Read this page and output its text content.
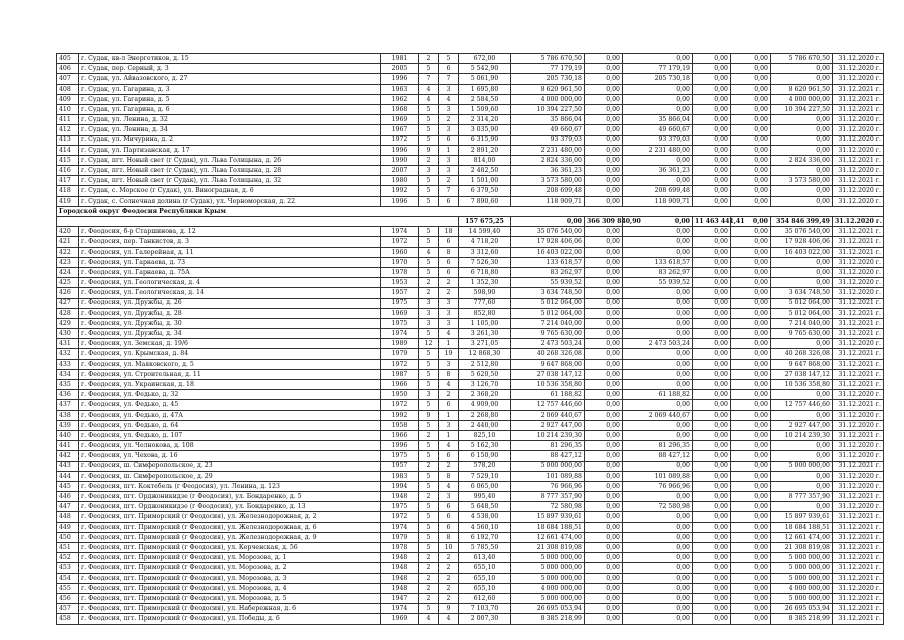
405	г. Судак, кв-л Энергетиков, д. 15	1981	2	5	672,00	5 786 670,50	0,00	0,00	0,00	0,00	5 786 670,50	31.12.2020 г.
406	г. Судак, пер. Серный, д. 3	2005	5	6	5 542,90	77 179,19	0,00	77 179,19	0,00	0,00	0,00	31.12.2020 г.
407	г. Судак, ул. Айвазовского, д. 27	1996	7	7	5 061,90	205 730,18	0,00	205 730,18	0,00	0,00	0,00	31.12.2020 г.
408	г. Судак, ул. Гагарина, д. 3	1963	4	3	1 695,80	8 620 961,50	0,00	0,00	0,00	0,00	8 620 961,50	31.12.2021 г.
409	г. Судак, ул. Гагарина, д. 5	1962	4	4	2 584,50	4 000 000,00	0,00	0,00	0,00	0,00	4 000 000,00	31.12.2021 г.
410	г. Судак, ул. Гагарина, д. 6	1968	5	3	1 509,60	10 394 227,50	0,00	0,00	0,00	0,00	10 394 227,50	31.12.2021 г.
411	г. Судак, ул. Ленина, д. 32	1969	5	2	2 314,20	35 866,04	0,00	35 866,04	0,00	0,00	0,00	31.12.2020 г.
412	г. Судак, ул. Ленина, д. 34	1967	5	3	3 035,90	49 660,67	0,00	49 660,67	0,00	0,00	0,00	31.12.2020 г.
413	г. Судак, ул. Мичурина, д. 2	1972	5	6	6 315,90	93 379,03	0,00	93 379,03	0,00	0,00	0,00	31.12.2020 г.
414	г. Судак, ул. Партизанская, д. 17	1996	9	1	2 891,20	2 231 480,00	0,00	2 231 480,00	0,00	0,00	0,00	31.12.2020 г.
415	г. Судак, пгт. Новый свет (г Судак), ул. Льва Голицына, д. 26	1990	2	3	814,00	2 824 336,00	0,00	0,00	0,00	0,00	2 824 336,00	31.12.2021 г.
416	г. Судак, пгт. Новый свет (г Судак), ул. Льва Голицына, д. 28	2007	3	3	2 482,50	36 361,23	0,00	36 361,23	0,00	0,00	0,00	31.12.2020 г.
417	г. Судак, пгт. Новый свет (г Судак), ул. Льва Голицына, д. 32	1980	5	2	1 501,00	3 573 580,00	0,00	0,00	0,00	0,00	3 573 580,00	31.12.2021 г.
418	г. Судак, с. Морское (г Судак), ул. Виноградная, д. 6	1992	5	7	6 379,50	208 699,48	0,00	208 699,48	0,00	0,00	0,00	31.12.2020 г.
419	г. Судак, с. Солнечная долина (г Судак), ул. Черноморская, д. 22	1996	5	6	7 890,60	118 909,71	0,00	118 909,71	0,00	0,00	0,00	31.12.2020 г.
Городской округ Феодосия Республики Крым												
					157 675,25	0,00	366 309 840,90	0,00	11 463 441,41	0,00	354 846 399,49	31.12.2020 г.
420	г. Феодосия, б-р Старшинова, д. 12	1974	5	18	14 599,40	35 076 540,00	0,00	0,00	0,00	0,00	35 076 540,00	31.12.2021 г.
421	г. Феодосия, пер. Танкистов, д. 3	1972	5	6	4 718,20	17 928 406,06	0,00	0,00	0,00	0,00	17 928 406,06	31.12.2021 г.
422	г. Феодосия, ул. Галерейная, д. 11	1960	4	8	3 312,60	16 403 022,00	0,00	0,00	0,00	0,00	16 403 022,00	31.12.2021 г.
423	г. Феодосия, ул. Гарнаева, д. 73	1970	5	6	7 526,30	133 618,57	0,00	133 618,57	0,00	0,00	0,00	31.12.2020 г.
424	г. Феодосия, ул. Гарнаева, д. 75А	1978	5	6	6 718,80	83 262,97	0,00	83 262,97	0,00	0,00	0,00	31.12.2020 г.
425	г. Феодосия, ул. Геологическая, д. 4	1953	2	2	1 352,30	55 939,52	0,00	55 939,52	0,00	0,00	0,00	31.12.2020 г.
426	г. Феодосия, ул. Геологическая, д. 14	1957	2	2	598,90	3 634 748,50	0,00	0,00	0,00	0,00	3 634 748,50	31.12.2020 г.
427	г. Феодосия, ул. Дружбы, д. 26	1975	3	3	777,60	5 012 064,00	0,00	0,00	0,00	0,00	5 012 064,00	31.12.2021 г.
428	г. Феодосия, ул. Дружбы, д. 28	1969	3	3	852,80	5 012 064,00	0,00	0,00	0,00	0,00	5 012 064,00	31.12.2021 г.
429	г. Феодосия, ул. Дружбы, д. 30	1975	3	3	1 105,00	7 214 040,00	0,00	0,00	0,00	0,00	7 214 040,00	31.12.2021 г.
430	г. Феодосия, ул. Дружбы, д. 34	1974	5	4	3 261,30	9 765 630,00	0,00	0,00	0,00	0,00	9 765 630,00	31.12.2021 г.
431	г. Феодосия, ул. Земская, д. 19/6	1989	12	1	3 271,05	2 473 503,24	0,00	2 473 503,24	0,00	0,00	0,00	31.12.2020 г.
432	г. Феодосия, ул. Крымская, д. 84	1979	5	19	12 868,30	40 268 326,08	0,00	0,00	0,00	0,00	40 268 326,08	31.12.2021 г.
433	г. Феодосия, ул. Маяковского, д. 5	1972	5	3	2 512,80	9 647 868,00	0,00	0,00	0,00	0,00	9 647 868,00	31.12.2021 г.
434	г. Феодосия, ул. Строительная, д. 11	1987	5	8	5 620,50	27 038 147,12	0,00	0,00	0,00	0,00	27 038 147,12	31.12.2021 г.
435	г. Феодосия, ул. Украинская, д. 18	1966	5	4	3 126,70	10 536 358,80	0,00	0,00	0,00	0,00	10 536 358,80	31.12.2021 г.
436	г. Феодосия, ул. Федько, д. 32	1950	3	2	2 368,20	61 188,82	0,00	61 188,82	0,00	0,00	0,00	31.12.2020 г.
437	г. Феодосия, ул. Федько, д. 45	1972	5	6	4 909,00	12 757 446,60	0,00	0,00	0,00	0,00	12 757 446,60	31.12.2021 г.
438	г. Феодосия, ул. Федько, д. 47А	1992	9	1	2 268,80	2 069 440,67	0,00	2 069 440,67	0,00	0,00	0,00	31.12.2020 г.
439	г. Феодосия, ул. Федько, д. 64	1958	5	3	2 440,00	2 927 447,00	0,00	0,00	0,00	0,00	2 927 447,00	31.12.2020 г.
440	г. Феодосия, ул. Федько, д. 107	1966	2	1	825,10	10 214 239,30	0,00	0,00	0,00	0,00	10 214 239,30	31.12.2021 г.
441	г. Феодосия, ул. Челнокова, д. 108	1996	5	4	5 162,30	81 296,35	0,00	81 296,35	0,00	0,00	0,00	31.12.2020 г.
442	г. Феодосия, ул. Чехова, д. 16	1975	5	6	6 150,90	88 427,12	0,00	88 427,12	0,00	0,00	0,00	31.12.2020 г.
443	г. Феодосия, ш. Симферопольское, д. 23	1957	2	2	578,20	5 000 000,00	0,00	0,00	0,00	0,00	5 000 000,00	31.12.2021 г.
444	г. Феодосия, ш. Симферопольское, д. 29	1983	5	8	7 529,10	101 089,88	0,00	101 089,88	0,00	0,00	0,00	31.12.2020 г.
445	г. Феодосия, пгт. Коктебель (г Феодосия), ул. Ленина, д. 123	1994	5	4	6 065,00	76 966,96	0,00	76 966,96	0,00	0,00	0,00	31.12.2020 г.
446	г. Феодосия, пгт. Орджоникидзе (г Феодосия), ул. Бондаренко, д. 5	1948	2	3	995,40	8 777 357,90	0,00	0,00	0,00	0,00	8 777 357,90	31.12.2021 г.
447	г. Феодосия, пгт. Орджоникидзе (г Феодосия), ул. Бондаренко, д. 13	1975	5	6	5 648,50	72 580,98	0,00	72 580,98	0,00	0,00	0,00	31.12.2020 г.
448	г. Феодосия, пгт. Приморский (г Феодосия), ул. Железнодорожная, д. 2	1972	5	6	4 538,00	15 897 939,61	0,00	0,00	0,00	0,00	15 897 939,61	31.12.2021 г.
449	г. Феодосия, пгт. Приморский (г Феодосия), ул. Железнодорожная, д. 6	1974	5	6	4 560,10	18 684 188,51	0,00	0,00	0,00	0,00	18 684 188,51	31.12.2021 г.
450	г. Феодосия, пгт. Приморский (г Феодосия), ул. Железнодорожная, д. 9	1979	5	8	6 192,70	12 661 474,00	0,00	0,00	0,00	0,00	12 661 474,00	31.12.2021 г.
451	г. Феодосия, пгт. Приморский (г Феодосия), ул. Керченская, д. 56	1978	5	10	5 785,50	21 308 819,08	0,00	0,00	0,00	0,00	21 308 819,08	31.12.2021 г.
452	г. Феодосия, пгт. Приморский (г Феодосия), ул. Морозова, д. 1	1948	2	2	613,40	5 000 000,00	0,00	0,00	0,00	0,00	5 000 000,00	31.12.2021 г.
453	г. Феодосия, пгт. Приморский (г Феодосия), ул. Морозова, д. 2	1948	2	2	655,10	5 000 000,00	0,00	0,00	0,00	0,00	5 000 000,00	31.12.2021 г.
454	г. Феодосия, пгт. Приморский (г Феодосия), ул. Морозова, д. 3	1948	2	2	655,10	5 000 000,00	0,00	0,00	0,00	0,00	5 000 000,00	31.12.2021 г.
455	г. Феодосия, пгт. Приморский (г Феодосия), ул. Морозова, д. 4	1948	2	2	655,10	4 000 000,00	0,00	0,00	0,00	0,00	4 000 000,00	31.12.2020 г.
456	г. Феодосия, пгт. Приморский (г Феодосия), ул. Морозова, д. 5	1947	2	2	612,60	5 000 000,00	0,00	0,00	0,00	0,00	5 000 000,00	31.12.2021 г.
457	г. Феодосия, пгт. Приморский (г Феодосия), ул. Набережная, д. 6	1974	5	9	7 103,70	26 695 053,94	0,00	0,00	0,00	0,00	26 695 053,94	31.12.2021 г.
458	г. Феодосия, пгт. Приморский (г Феодосия), ул. Победы, д. 6	1969	4	4	2 007,30	8 385 218,99	0,00	0,00	0,00	0,00	8 385 218,99	31.12.2021 г.
